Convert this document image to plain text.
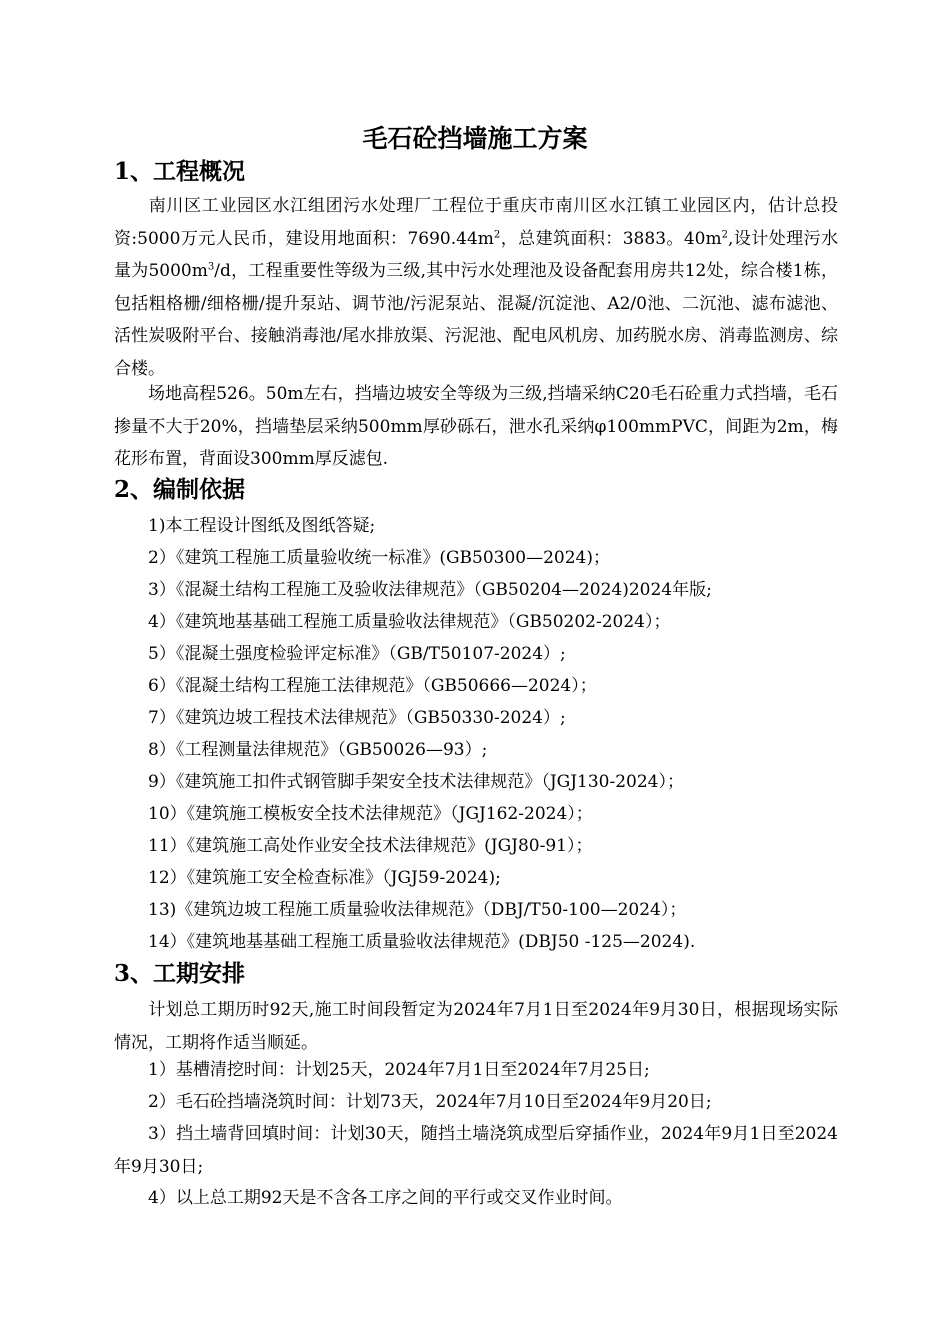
毛石砼挡墙施工方案
1、工程概况
南川区工业园区水江组团污水处理厂工程位于重庆市南川区水江镇工业园区内，估计总投资:5000万元人民币，建设用地面积：$7690.44m^2$，总建筑面积：3883。$40m^2$,设计处理污水量为$5000m^3/d$，工程重要性等级为三级,其中污水处理池及设备配套用房共12处，综合楼1栋，包括粗格栅/细格栅/提升泵站、调节池/污泥泵站、混凝/沉淀池、A2/0池、二沉池、滤布滤池、活性炭吸附平台、接触消毒池/尾水排放渠、污泥池、配电风机房、加药脱水房、消毒监测房、综合楼。
场地高程526。50m左右，挡墙边坡安全等级为三级,挡墙采纳C20毛石砼重力式挡墙，毛石掺量不大于20%，挡墙垫层采纳500mm厚砂砾石，泄水孔采纳φ100mmPVC，间距为2m，梅花形布置，背面设300mm厚反滤包.
2、编制依据
1)本工程设计图纸及图纸答疑;
2）《建筑工程施工质量验收统一标准》(GB50300—2024)；
3）《混凝土结构工程施工及验收法律规范》（GB50204—2024)2024年版;
4）《建筑地基基础工程施工质量验收法律规范》（GB50202-2024）；
5）《混凝土强度检验评定标准》（GB/T50107-2024）;
6）《混凝土结构工程施工法律规范》（GB50666—2024）；
7）《建筑边坡工程技术法律规范》（GB50330-2024）;
8）《工程测量法律规范》（GB50026—93）;
9）《建筑施工扣件式钢管脚手架安全技术法律规范》（JGJ130-2024）；
10）《建筑施工模板安全技术法律规范》（JGJ162-2024）；
11）《建筑施工高处作业安全技术法律规范》(JGJ80-91）；
12）《建筑施工安全检查标准》（JGJ59-2024);
13)《建筑边坡工程施工质量验收法律规范》（DBJ/T50-100—2024）；
14）《建筑地基基础工程施工质量验收法律规范》(DBJ50 -125—2024).
3、工期安排
计划总工期历时92天,施工时间段暂定为2024年7月1日至2024年9月30日，根据现场实际情况，工期将作适当顺延。
1）基槽清挖时间：计划25天，2024年7月1日至2024年7月25日;
2）毛石砼挡墙浇筑时间：计划73天，2024年7月10日至2024年9月20日;
3）挡土墙背回填时间：计划30天，随挡土墙浇筑成型后穿插作业，2024年9月1日至2024年9月30日;
4）以上总工期92天是不含各工序之间的平行或交叉作业时间。
